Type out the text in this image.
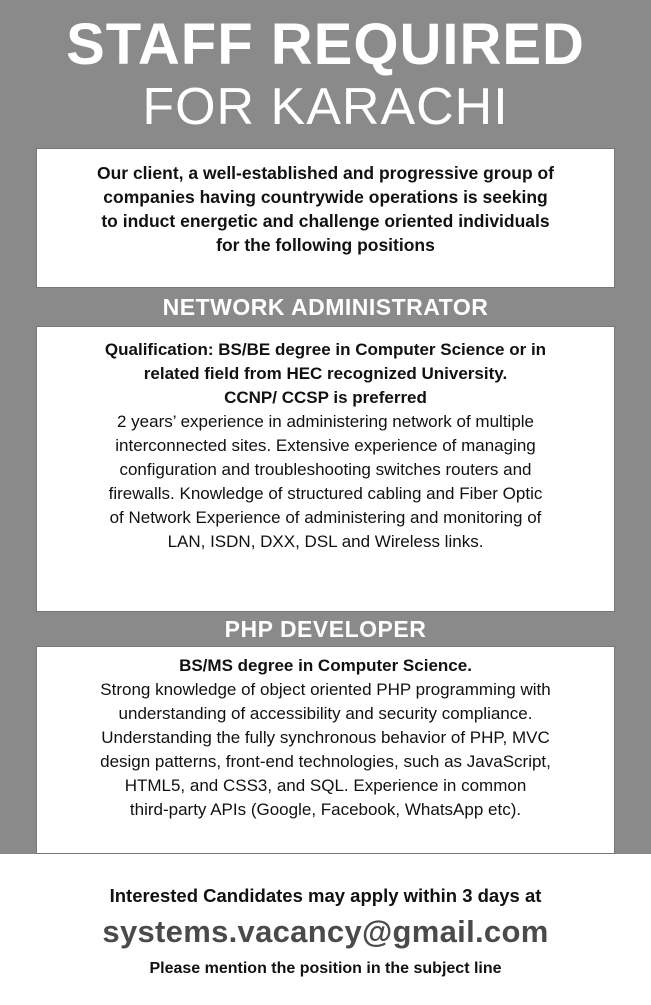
STAFF REQUIRED
FOR KARACHI

Our client, a well-established and progressive group of

companies having countrywide operations is seeking

to induct energetic and challenge oriented individuals

for the following positions

NETWORK ADMINISTRATOR

Qualification: BS/BE degree in Computer Science or in

related field from HEC recognized University.

CCNP/ CCSP is preferred

2 years’ experience in administering network of multiple

interconnected sites. Extensive experience of managing

configuration and troubleshooting switches routers and

firewalls. Knowledge of structured cabling and Fiber Optic

of Network Experience of administering and monitoring of

LAN, ISDN, DXX, DSL and Wireless links.

PHP DEVELOPER

BS/MS degree in Computer Science.

Strong knowledge of object oriented PHP programming with

understanding of accessibility and security compliance.

Understanding the fully synchronous behavior of PHP, MVC

design patterns, front-end technologies, such as JavaScript,

HTML5, and CSS3, and SQL. Experience in common

third-party APIs (Google, Facebook, WhatsApp etc).

Interested Candidates may apply within 3 days at
systems.vacancy@gmail.com
Please mention the position in the subject line
